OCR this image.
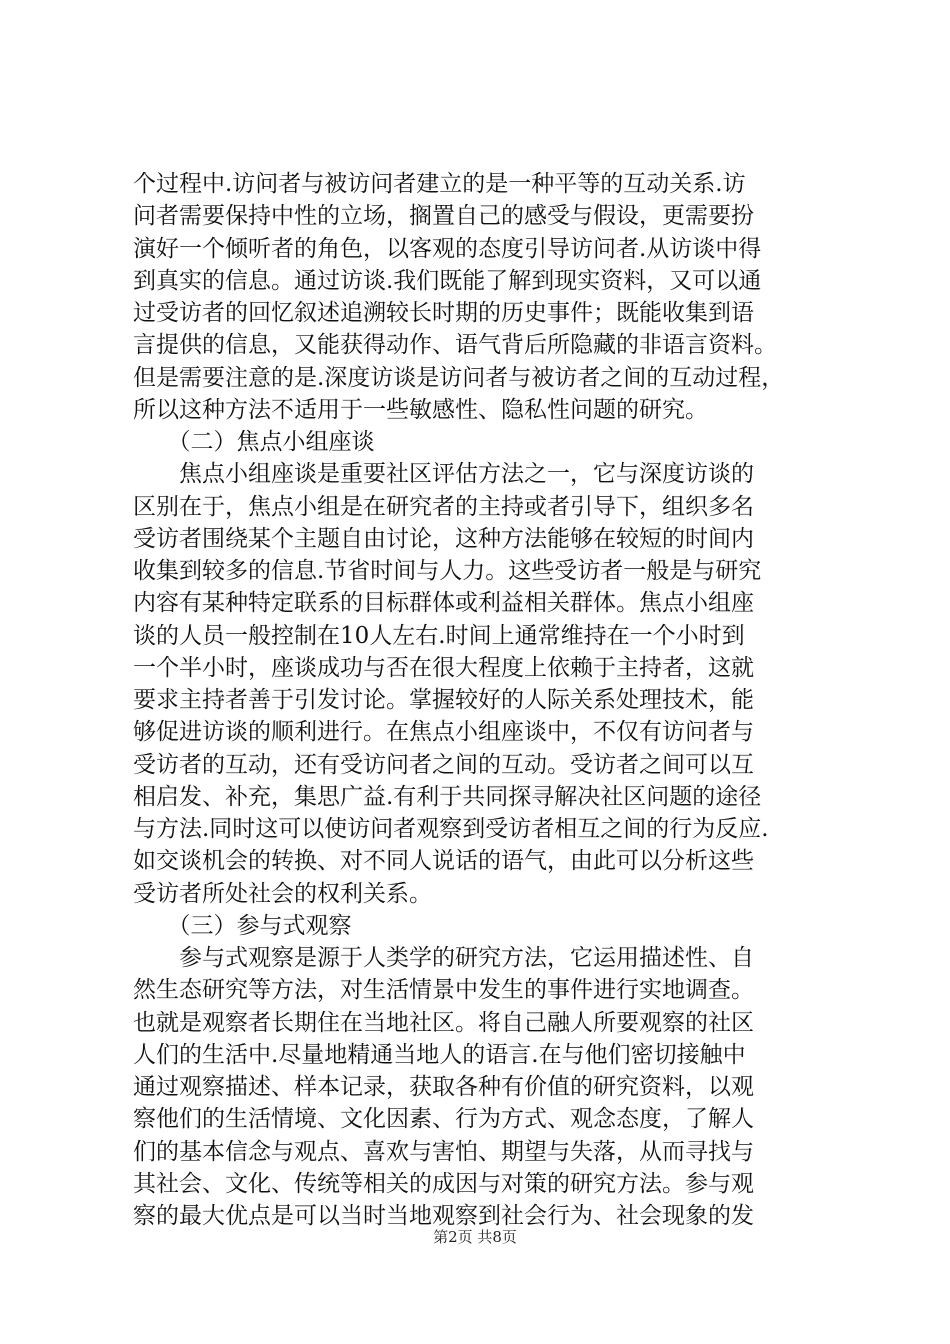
个过程中.访问者与被访问者建立的是一种平等的互动关系.访
问者需要保持中性的立场，搁置自己的感受与假设，更需要扮
演好一个倾听者的角色，以客观的态度引导访问者.从访谈中得
到真实的信息。通过访谈.我们既能了解到现实资料，又可以通
过受访者的回忆叙述追溯较长时期的历史事件；既能收集到语
言提供的信息，又能获得动作、语气背后所隐藏的非语言资料。
但是需要注意的是.深度访谈是访问者与被访者之间的互动过程，
所以这种方法不适用于一些敏感性、隐私性问题的研究。
　　（二）焦点小组座谈
　　焦点小组座谈是重要社区评估方法之一，它与深度访谈的
区别在于，焦点小组是在研究者的主持或者引导下，组织多名
受访者围绕某个主题自由讨论，这种方法能够在较短的时间内
收集到较多的信息.节省时间与人力。这些受访者一般是与研究
内容有某种特定联系的目标群体或利益相关群体。焦点小组座
谈的人员一般控制在10人左右.时间上通常维持在一个小时到
一个半小时，座谈成功与否在很大程度上依赖于主持者，这就
要求主持者善于引发讨论。掌握较好的人际关系处理技术，能
够促进访谈的顺利进行。在焦点小组座谈中，不仅有访问者与
受访者的互动，还有受访问者之间的互动。受访者之间可以互
相启发、补充，集思广益.有利于共同探寻解决社区问题的途径
与方法.同时这可以使访问者观察到受访者相互之间的行为反应.
如交谈机会的转换、对不同人说话的语气，由此可以分析这些
受访者所处社会的权利关系。
　　（三）参与式观察
　　参与式观察是源于人类学的研究方法，它运用描述性、自
然生态研究等方法，对生活情景中发生的事件进行实地调查。
也就是观察者长期住在当地社区。将自己融人所要观察的社区
人们的生活中.尽量地精通当地人的语言.在与他们密切接触中
通过观察描述、样本记录，获取各种有价值的研究资料，以观
察他们的生活情境、文化因素、行为方式、观念态度，了解人
们的基本信念与观点、喜欢与害怕、期望与失落，从而寻找与
其社会、文化、传统等相关的成因与对策的研究方法。参与观
察的最大优点是可以当时当地观察到社会行为、社会现象的发
第2页 共8页
